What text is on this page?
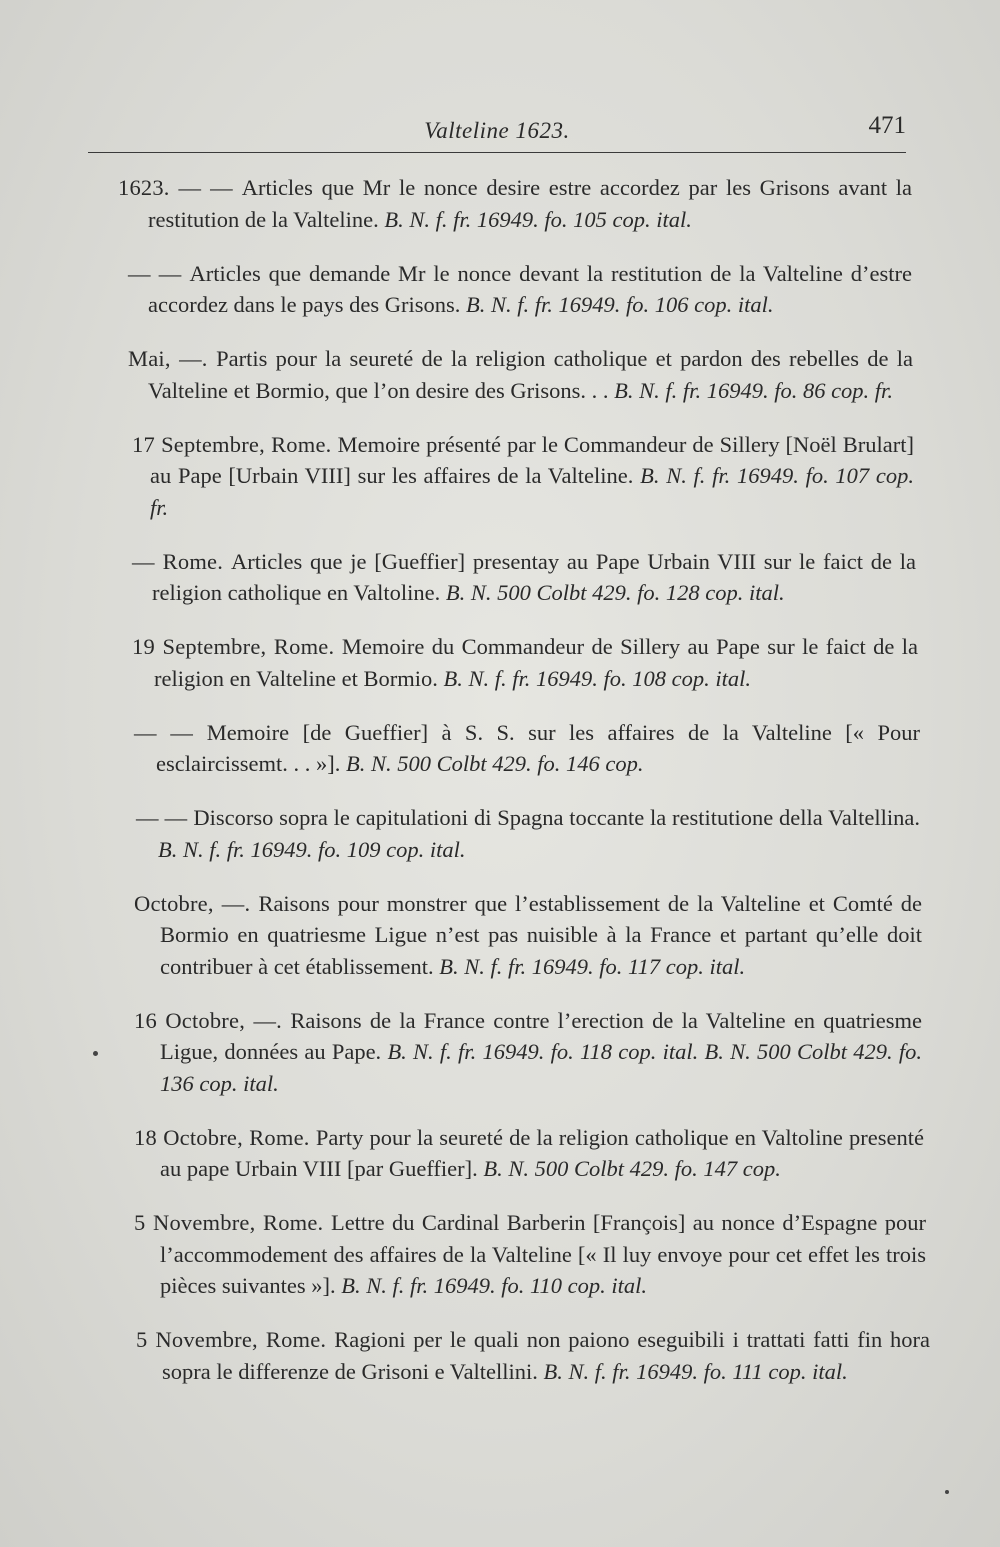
Valteline 1623.	471

1623. — — Articles que Mr le nonce desire estre accordez par les Grisons avant la restitution de la Valteline. B. N. f. fr. 16949. fo. 105 cop. ital.

— — Articles que demande Mr le nonce devant la restitution de la Valteline d’estre accordez dans le pays des Grisons. B. N. f. fr. 16949. fo. 106 cop. ital.

Mai, —. Partis pour la seureté de la religion catholique et pardon des rebelles de la Valteline et Bormio, que l’on desire des Grisons. . . B. N. f. fr. 16949. fo. 86 cop. fr.

17 Septembre, Rome. Memoire présenté par le Commandeur de Sillery [Noël Brulart] au Pape [Urbain VIII] sur les affaires de la Valteline. B. N. f. fr. 16949. fo. 107 cop. fr.

— Rome. Articles que je [Gueffier] presentay au Pape Urbain VIII sur le faict de la religion catholique en Valtoline. B. N. 500 Colbt 429. fo. 128 cop. ital.

19 Septembre, Rome. Memoire du Commandeur de Sillery au Pape sur le faict de la religion en Valteline et Bormio. B. N. f. fr. 16949. fo. 108 cop. ital.

— — Memoire [de Gueffier] à S. S. sur les affaires de la Valteline [« Pour esclaircissemt. . . »]. B. N. 500 Colbt 429. fo. 146 cop.

— — Discorso sopra le capitulationi di Spagna toccante la restitutione della Valtellina. B. N. f. fr. 16949. fo. 109 cop. ital.

Octobre, —. Raisons pour monstrer que l’establissement de la Valteline et Comté de Bormio en quatriesme Ligue n’est pas nuisible à la France et partant qu’elle doit contribuer à cet établissement. B. N. f. fr. 16949. fo. 117 cop. ital.

16 Octobre, —. Raisons de la France contre l’erection de la Valteline en quatriesme Ligue, données au Pape. B. N. f. fr. 16949. fo. 118 cop. ital. B. N. 500 Colbt 429. fo. 136 cop. ital.

18 Octobre, Rome. Party pour la seureté de la religion catholique en Valtoline presenté au pape Urbain VIII [par Gueffier]. B. N. 500 Colbt 429. fo. 147 cop.

5 Novembre, Rome. Lettre du Cardinal Barberin [François] au nonce d’Espagne pour l’accommodement des affaires de la Valteline [« Il luy envoye pour cet effet les trois pièces suivantes »]. B. N. f. fr. 16949. fo. 110 cop. ital.

5 Novembre, Rome. Ragioni per le quali non paiono eseguibili i trattati fatti fin hora sopra le differenze de Grisoni e Valtellini. B. N. f. fr. 16949. fo. 111 cop. ital.
